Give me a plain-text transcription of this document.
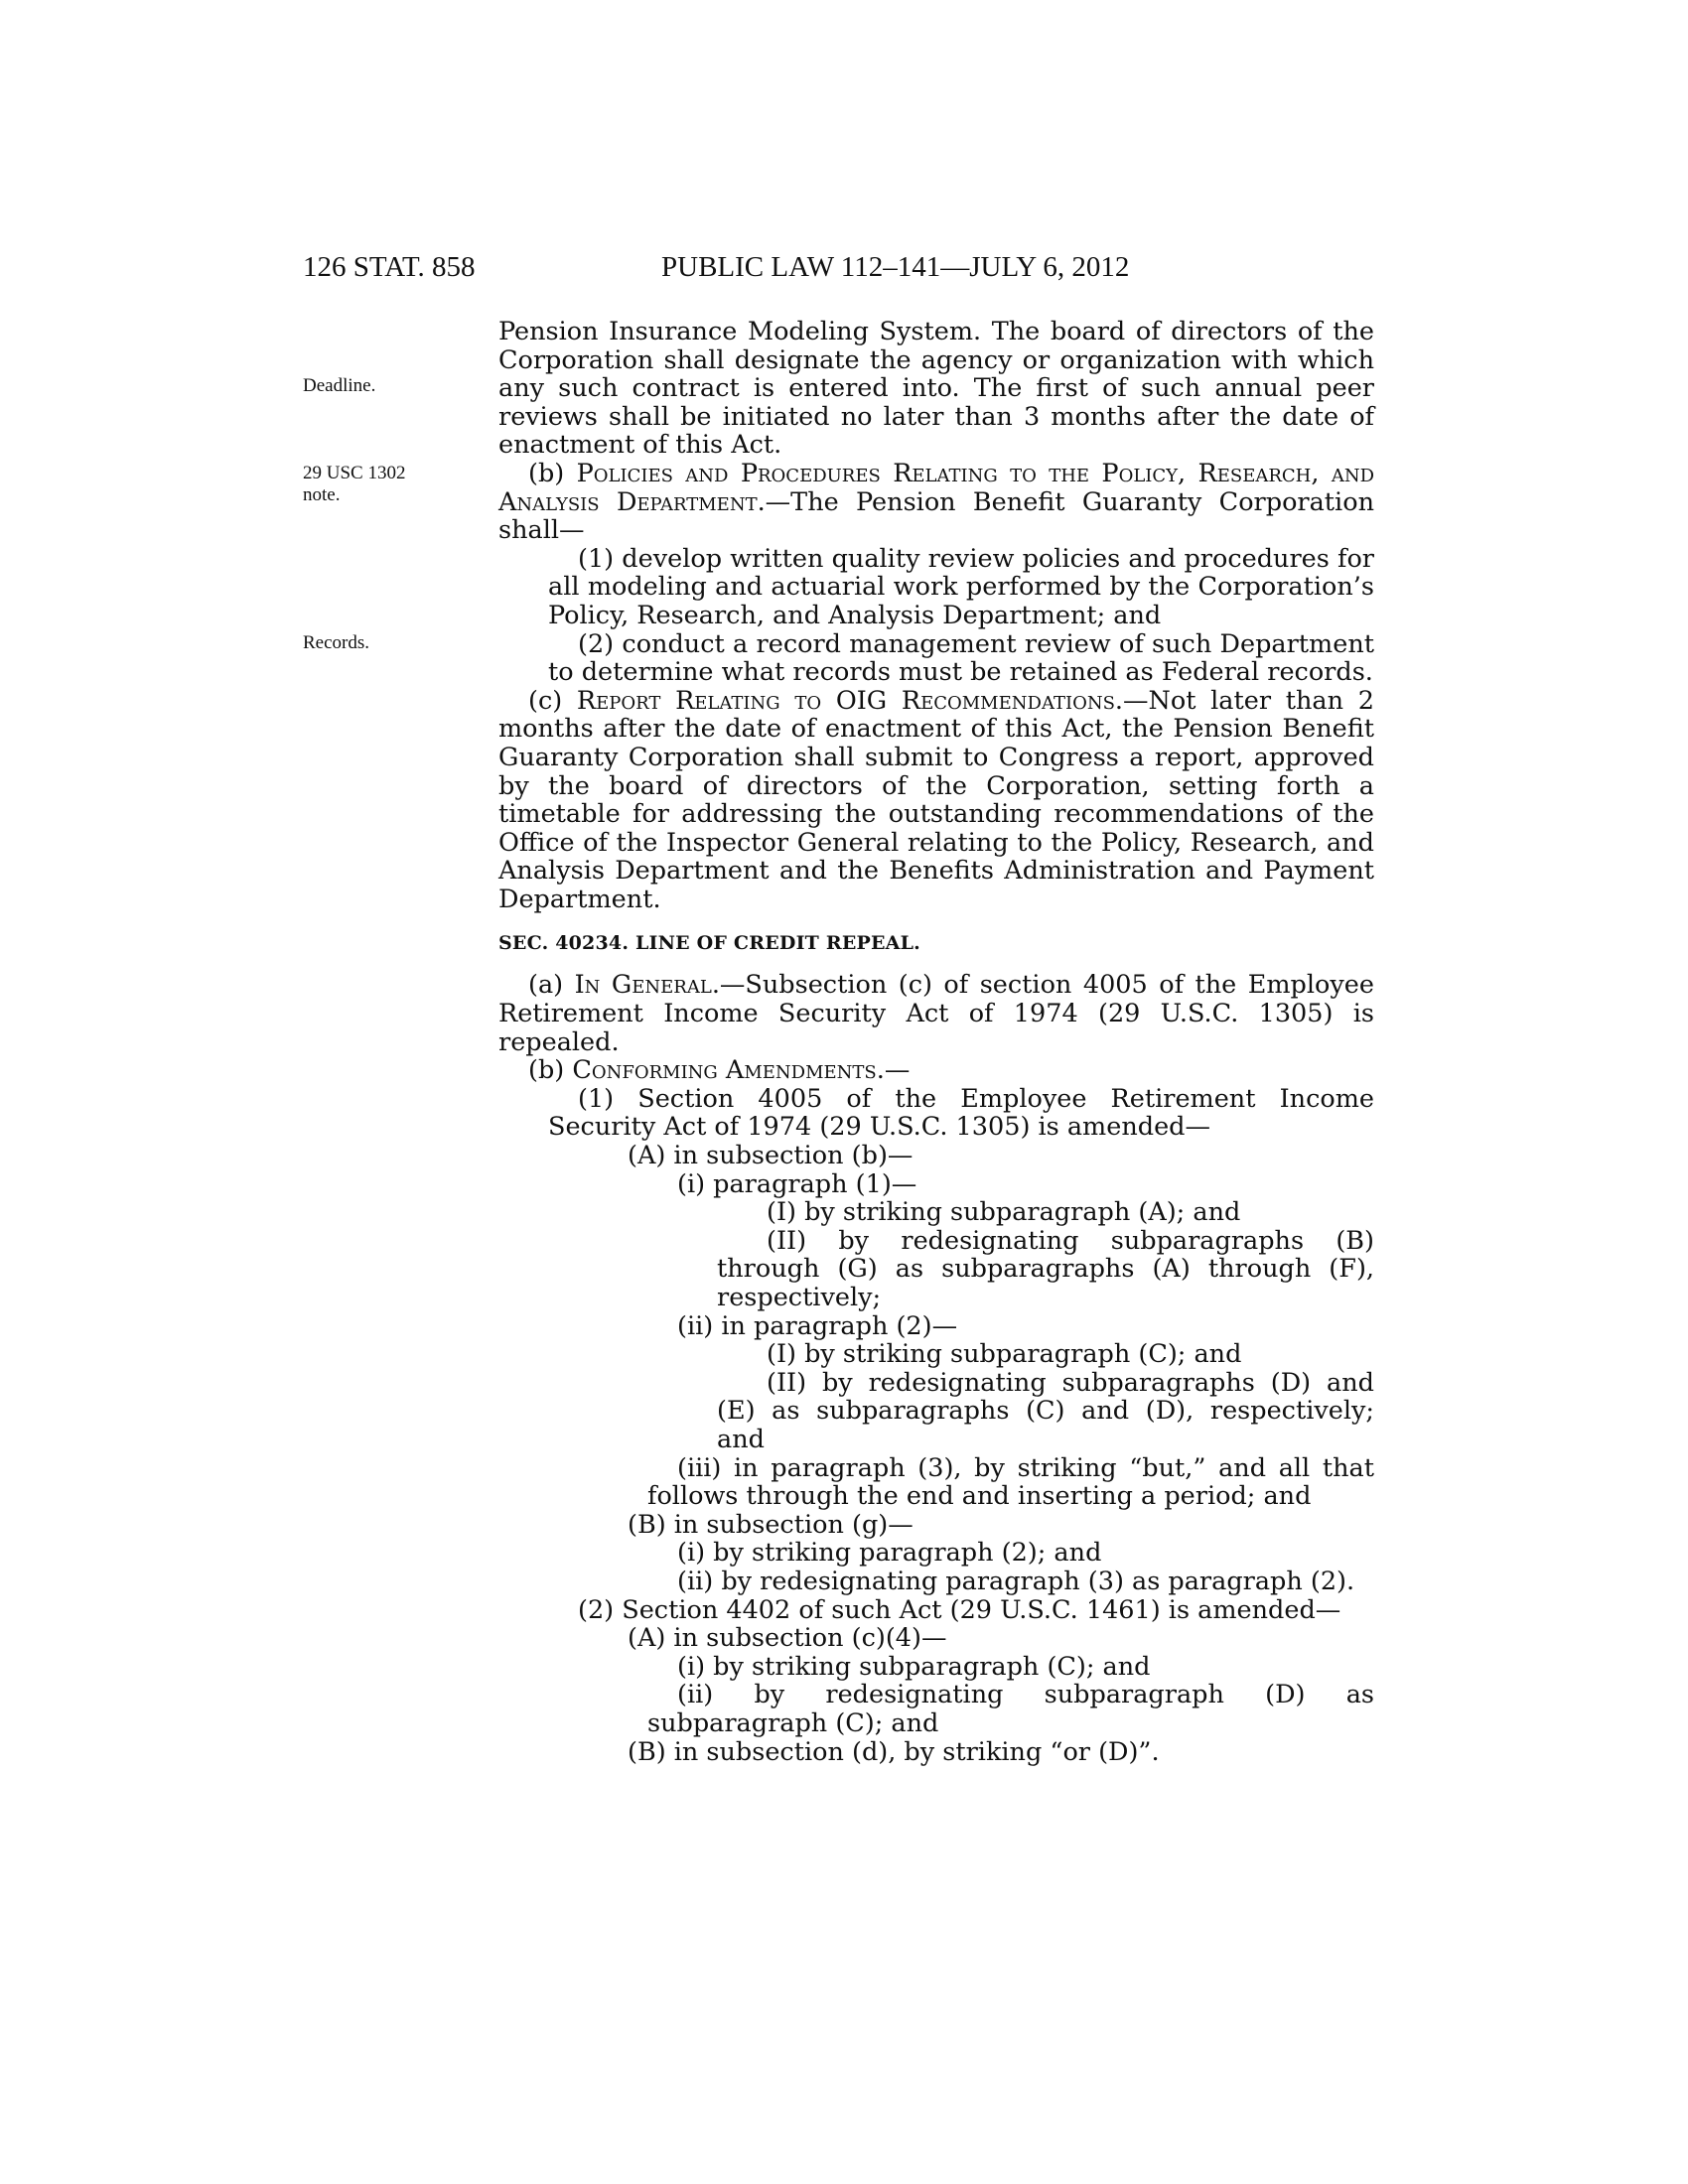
126 STAT. 858	PUBLIC LAW 112–141—JULY 6, 2012
Deadline.
29 USC 1302
note.
Records.

Pension Insurance Modeling System. The board of directors of the Corporation shall designate the agency or organization with which any such contract is entered into. The first of such annual peer reviews shall be initiated no later than 3 months after the date of enactment of this Act.

(b) Policies and Procedures Relating to the Policy, Research, and Analysis Department.—The Pension Benefit Guaranty Corporation shall—

(1) develop written quality review policies and procedures for all modeling and actuarial work performed by the Corporation’s Policy, Research, and Analysis Department; and

(2) conduct a record management review of such Department to determine what records must be retained as Federal records.

(c) Report Relating to OIG Recommendations.—Not later than 2 months after the date of enactment of this Act, the Pension Benefit Guaranty Corporation shall submit to Congress a report, approved by the board of directors of the Corporation, setting forth a timetable for addressing the outstanding recommendations of the Office of the Inspector General relating to the Policy, Research, and Analysis Department and the Benefits Administration and Payment Department.

SEC. 40234. LINE OF CREDIT REPEAL.

(a) In General.—Subsection (c) of section 4005 of the Employee Retirement Income Security Act of 1974 (29 U.S.C. 1305) is repealed.

(b) Conforming Amendments.—

(1) Section 4005 of the Employee Retirement Income Security Act of 1974 (29 U.S.C. 1305) is amended—

(A) in subsection (b)—

(i) paragraph (1)—

(I) by striking subparagraph (A); and

(II) by redesignating subparagraphs (B) through (G) as subparagraphs (A) through (F), respectively;

(ii) in paragraph (2)—

(I) by striking subparagraph (C); and

(II) by redesignating subparagraphs (D) and (E) as subparagraphs (C) and (D), respectively; and

(iii) in paragraph (3), by striking “but,” and all that follows through the end and inserting a period; and

(B) in subsection (g)—

(i) by striking paragraph (2); and

(ii) by redesignating paragraph (3) as paragraph (2).

(2) Section 4402 of such Act (29 U.S.C. 1461) is amended—

(A) in subsection (c)(4)—

(i) by striking subparagraph (C); and

(ii) by redesignating subparagraph (D) as subparagraph (C); and

(B) in subsection (d), by striking “or (D)”.
